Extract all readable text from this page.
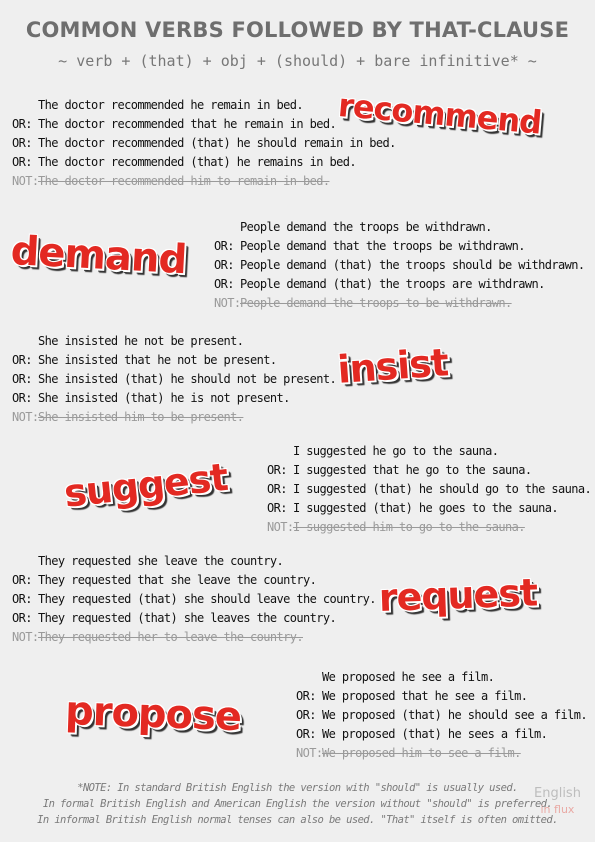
COMMON VERBS FOLLOWED BY THAT-CLAUSE
~ verb + (that) + obj + (should) + bare infinitive* ~
The doctor recommended he remain in bed.
OR: The doctor recommended that he remain in bed.
OR: The doctor recommended (that) he should remain in bed.
OR: The doctor recommended (that) he remains in bed.
NOT:The doctor recommended him to remain in bed.
recommend
demand
People demand the troops be withdrawn.
OR: People demand that the troops be withdrawn.
OR: People demand (that) the troops should be withdrawn.
OR: People demand (that) the troops are withdrawn.
NOT:People demand the troops to be withdrawn.
She insisted he not be present.
OR: She insisted that he not be present.
OR: She insisted (that) he should not be present.
OR: She insisted (that) he is not present.
NOT:She insisted him to be present.
insist
suggest
I suggested he go to the sauna.
OR: I suggested that he go to the sauna.
OR: I suggested (that) he should go to the sauna.
OR: I suggested (that) he goes to the sauna.
NOT:I suggested him to go to the sauna.
They requested she leave the country.
OR: They requested that she leave the country.
OR: They requested (that) she should leave the country.
OR: They requested (that) she leaves the country.
NOT:They requested her to leave the country.
request
propose
We proposed he see a film.
OR: We proposed that he see a film.
OR: We proposed (that) he should see a film.
OR: We proposed (that) he sees a film.
NOT:We proposed him to see a film.
*NOTE: In standard British English the version with "should" is usually used.
In formal British English and American English the version without "should" is preferred.
In informal British English normal tenses can also be used. "That" itself is often omitted.
English
in flux
